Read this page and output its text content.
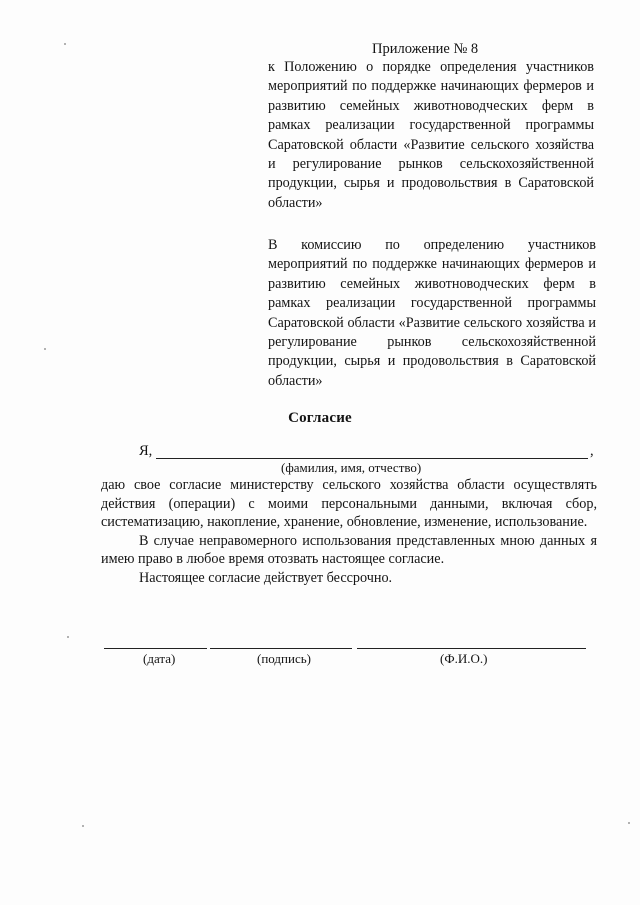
Приложение № 8

к Положению о порядке определения участников мероприятий по поддержке начинающих фермеров и развитию семейных животноводческих ферм в рамках реализации государственной программы Саратовской области «Развитие сельского хозяйства и регулирование рынков сельскохозяйственной продукции, сырья и продовольствия в Саратовской области»

В комиссию по определению участников мероприятий по поддержке начинающих фермеров и развитию семейных животноводческих ферм в рамках реализации государственной программы Саратовской области «Развитие сельского хозяйства и регулирование рынков сельскохозяйственной продукции, сырья и продовольствия в Саратовской области»

Согласие
Я,	,

(фамилия, имя, отчество)

даю свое согласие министерству сельского хозяйства области осуществлять действия (операции) с моими персональными данными, включая сбор, систематизацию, накопление, хранение, обновление, изменение, использование.

В случае неправомерного использования представленных мною данных я имею право в любое время отозвать настоящее согласие.

Настоящее согласие действует бессрочно.

(дата)	(подпись)	(Ф.И.О.)
